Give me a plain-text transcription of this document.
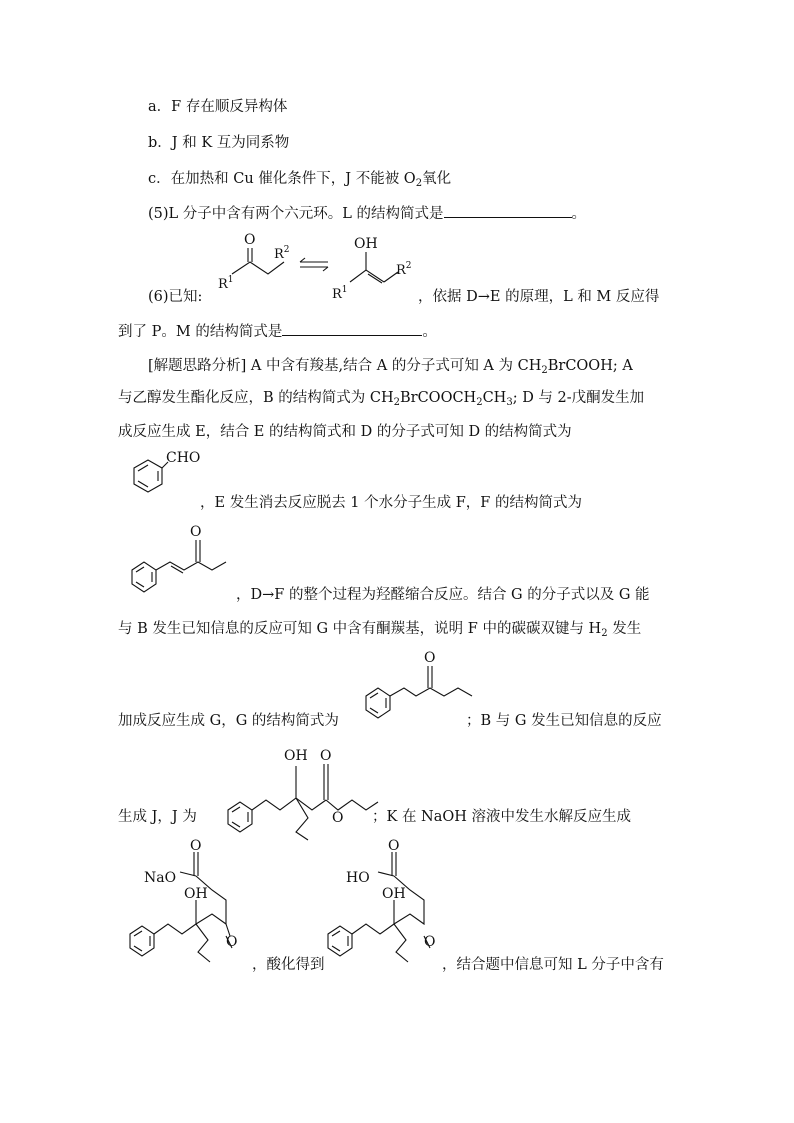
a．F 存在顺反异构体
b．J 和 K 互为同系物
c．在加热和 Cu 催化条件下，J 不能被 $O_2$氧化
(5)L 分子中含有两个六元环。L 的结构简式是	。
O
$R^1$
$R^2$	OH
$R^1$
$R^2$
(6)已知:	，依据 D→E 的原理，L 和 M 反应得
到了 P。M 的结构简式是	。
[解题思路分析] A 中含有羧基,结合 A 的分子式可知 A 为 $CH_2BrCOOH$; A
与乙醇发生酯化反应，B 的结构简式为 $CH_2BrCOOCH_2CH_3$; D 与 2-戊酮发生加
成反应生成 E，结合 E 的结构简式和 D 的分子式可知 D 的结构简式为
CHO
，E 发生消去反应脱去 1 个水分子生成 F，F 的结构简式为
O
，D→F 的整个过程为羟醛缩合反应。结合 G 的分子式以及 G 能
与 B 发生已知信息的反应可知 G 中含有酮羰基，说明 F 中的碳碳双键与 $H_2$ 发生
O
加成反应生成 G，G 的结构简式为	；B 与 G 发生已知信息的反应
OH O
O
生成 J，J 为	；K 在 NaOH 溶液中发生水解反应生成
OH
O
O
NaO
，酸化得到
OH
O
O
HO
，结合题中信息可知 L 分子中含有
